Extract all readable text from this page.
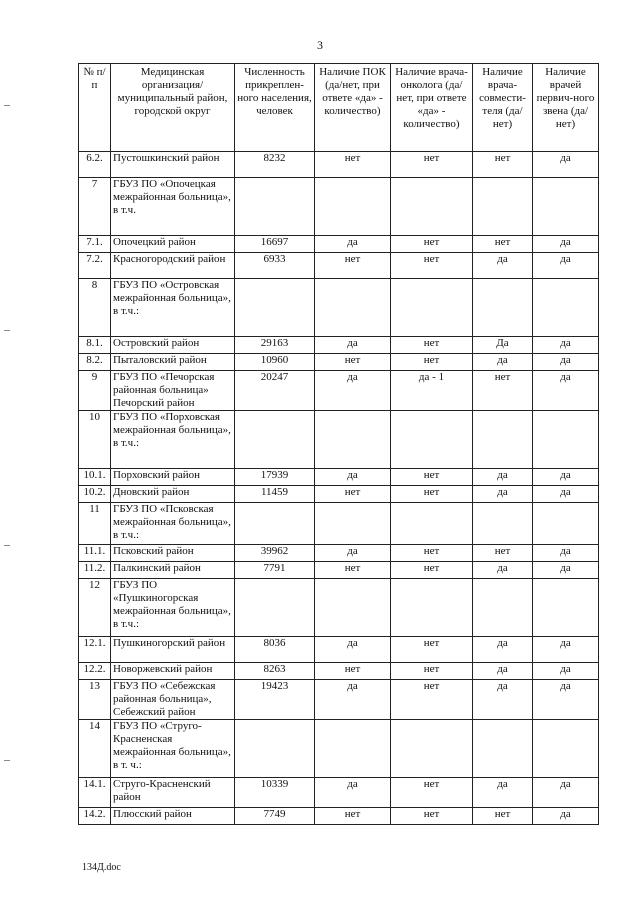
3
№ п/п	Медицинская организация/ муниципальный район, городской округ	Численность прикреплен-ного населения, человек	Наличие ПОК (да/нет, при ответе «да» - количество)	Наличие врача-онколога (да/нет, при ответе «да» - количество)	Наличие врача-совмести-теля (да/нет)	Наличие врачей первич-ного звена (да/нет)
6.2.	Пустошкинский район	8232	нет	нет	нет	да
7	ГБУЗ ПО «Опочецкая межрайонная больница», в т.ч.					
7.1.	Опочецкий район	16697	да	нет	нет	да
7.2.	Красногородский район	6933	нет	нет	да	да
8	ГБУЗ ПО «Островская межрайонная больница», в т.ч.:					
8.1.	Островский район	29163	да	нет	Да	да
8.2.	Пыталовский район	10960	нет	нет	да	да
9	ГБУЗ ПО «Печорская районная больница» Печорский район	20247	да	да - 1	нет	да
10	ГБУЗ ПО «Порховская межрайонная больница», в т.ч.:					
10.1.	Порховский район	17939	да	нет	да	да
10.2.	Дновский район	11459	нет	нет	да	да
11	ГБУЗ ПО «Псковская межрайонная больница», в т.ч.:					
11.1.	Псковский район	39962	да	нет	нет	да
11.2.	Палкинский район	7791	нет	нет	да	да
12	ГБУЗ ПО «Пушкиногорская межрайонная больница», в т.ч.:					
12.1.	Пушкиногорский район	8036	да	нет	да	да
12.2.	Новоржевский район	8263	нет	нет	да	да
13	ГБУЗ ПО «Себежская районная больница», Себежский район	19423	да	нет	да	да
14	ГБУЗ ПО «Струго-Красненская межрайонная больница», в т. ч.:					
14.1.	Струго-Красненский район	10339	да	нет	да	да
14.2.	Плюсский район	7749	нет	нет	нет	да
134Д.doc
